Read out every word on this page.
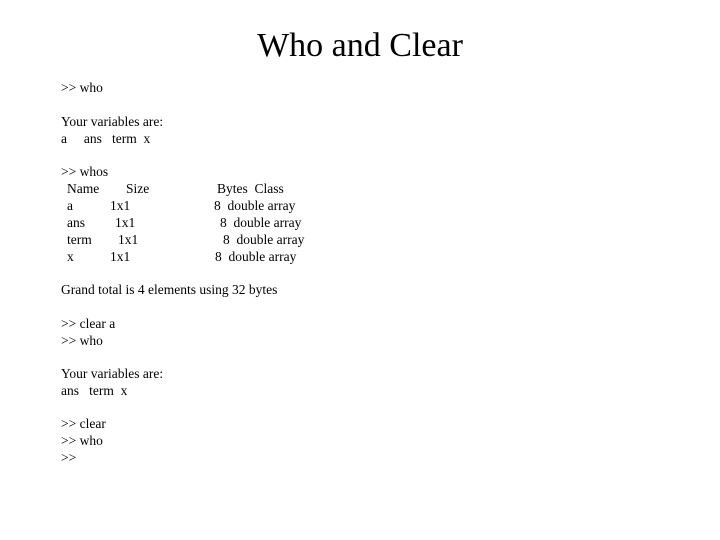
Who and Clear
>> who
Your variables are:
a     ans   term  x
>> whos
Name Size	Bytes  Class
a	1x1	8  double array
ans 1x1	8  double array
term 1x1	8  double array
x	1x1	8  double array
Grand total is 4 elements using 32 bytes
>> clear a
>> who
Your variables are:
ans   term  x
>> clear
>> who
>>
